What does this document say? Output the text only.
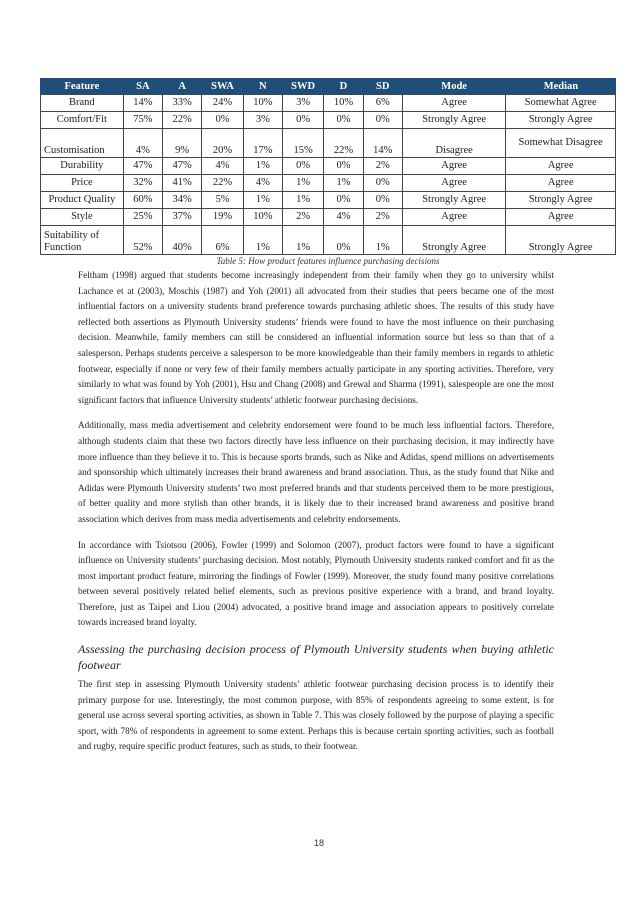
Feature	SA	A	SWA	N	SWD	D	SD	Mode	Median
Brand	14%	33%	24%	10%	3%	10%	6%	Agree	Somewhat Agree
Comfort/Fit	75%	22%	0%	3%	0%	0%	0%	Strongly Agree	Strongly Agree
Customisation	4%	9%	20%	17%	15%	22%	14%	Disagree	Somewhat Disagree
Durability	47%	47%	4%	1%	0%	0%	2%	Agree	Agree
Price	32%	41%	22%	4%	1%	1%	0%	Agree	Agree
Product Quality	60%	34%	5%	1%	1%	0%	0%	Strongly Agree	Strongly Agree
Style	25%	37%	19%	10%	2%	4%	2%	Agree	Agree
Suitability of Function	52%	40%	6%	1%	1%	0%	1%	Strongly Agree	Strongly Agree
Table 5: How product features influence purchasing decisions

Feltham (1998) argued that students become increasingly independent from their family when they go to university whilst Lachance et at (2003), Moschis (1987) and Yoh (2001) all advocated from their studies that peers became one of the most influential factors on a university students brand preference towards purchasing athletic shoes. The results of this study have reflected both assertions as Plymouth University students’ friends were found to have the most influence on their purchasing decision. Meanwhile, family members can still be considered an influential information source but less so than that of a salesperson. Perhaps students perceive a salesperson to be more knowledgeable than their family members in regards to athletic footwear, especially if none or very few of their family members actually participate in any sporting activities. Therefore, very similarly to what was found by Yoh (2001), Hsu and Chang (2008) and Grewal and Sharma (1991), salespeople are one the most significant factors that influence University students’ athletic footwear purchasing decisions.

Additionally, mass media advertisement and celebrity endorsement were found to be much less influential factors. Therefore, although students claim that these two factors directly have less influence on their purchasing decision, it may indirectly have more influence than they believe it to. This is because sports brands, such as Nike and Adidas, spend millions on advertisements and sponsorship which ultimately increases their brand awareness and brand association. Thus, as the study found that Nike and Adidas were Plymouth University students’ two most preferred brands and that students perceived them to be more prestigious, of better quality and more stylish than other brands, it is likely due to their increased brand awareness and positive brand association which derives from mass media advertisements and celebrity endorsements.

In accordance with Tsiotsou (2006), Fowler (1999) and Solomon (2007), product factors were found to have a significant influence on University students’ purchasing decision. Most notably, Plymouth University students ranked comfort and fit as the most important product feature, mirroring the findings of Fowler (1999). Moreover, the study found many positive correlations between several positively related belief elements, such as previous positive experience with a brand, and brand loyalty. Therefore, just as Taipei and Liou (2004) advocated, a positive brand image and association appears to positively correlate towards increased brand loyalty.

Assessing the purchasing decision process of Plymouth University students when buying athletic footwear

The first step in assessing Plymouth University students’ athletic footwear purchasing decision process is to identify their primary purpose for use. Interestingly, the most common purpose, with 85% of respondents agreeing to some extent, is for general use across several sporting activities, as shown in Table 7. This was closely followed by the purpose of playing a specific sport, with 78% of respondents in agreement to some extent. Perhaps this is because certain sporting activities, such as football and rugby, require specific product features, such as studs, to their footwear.

18
